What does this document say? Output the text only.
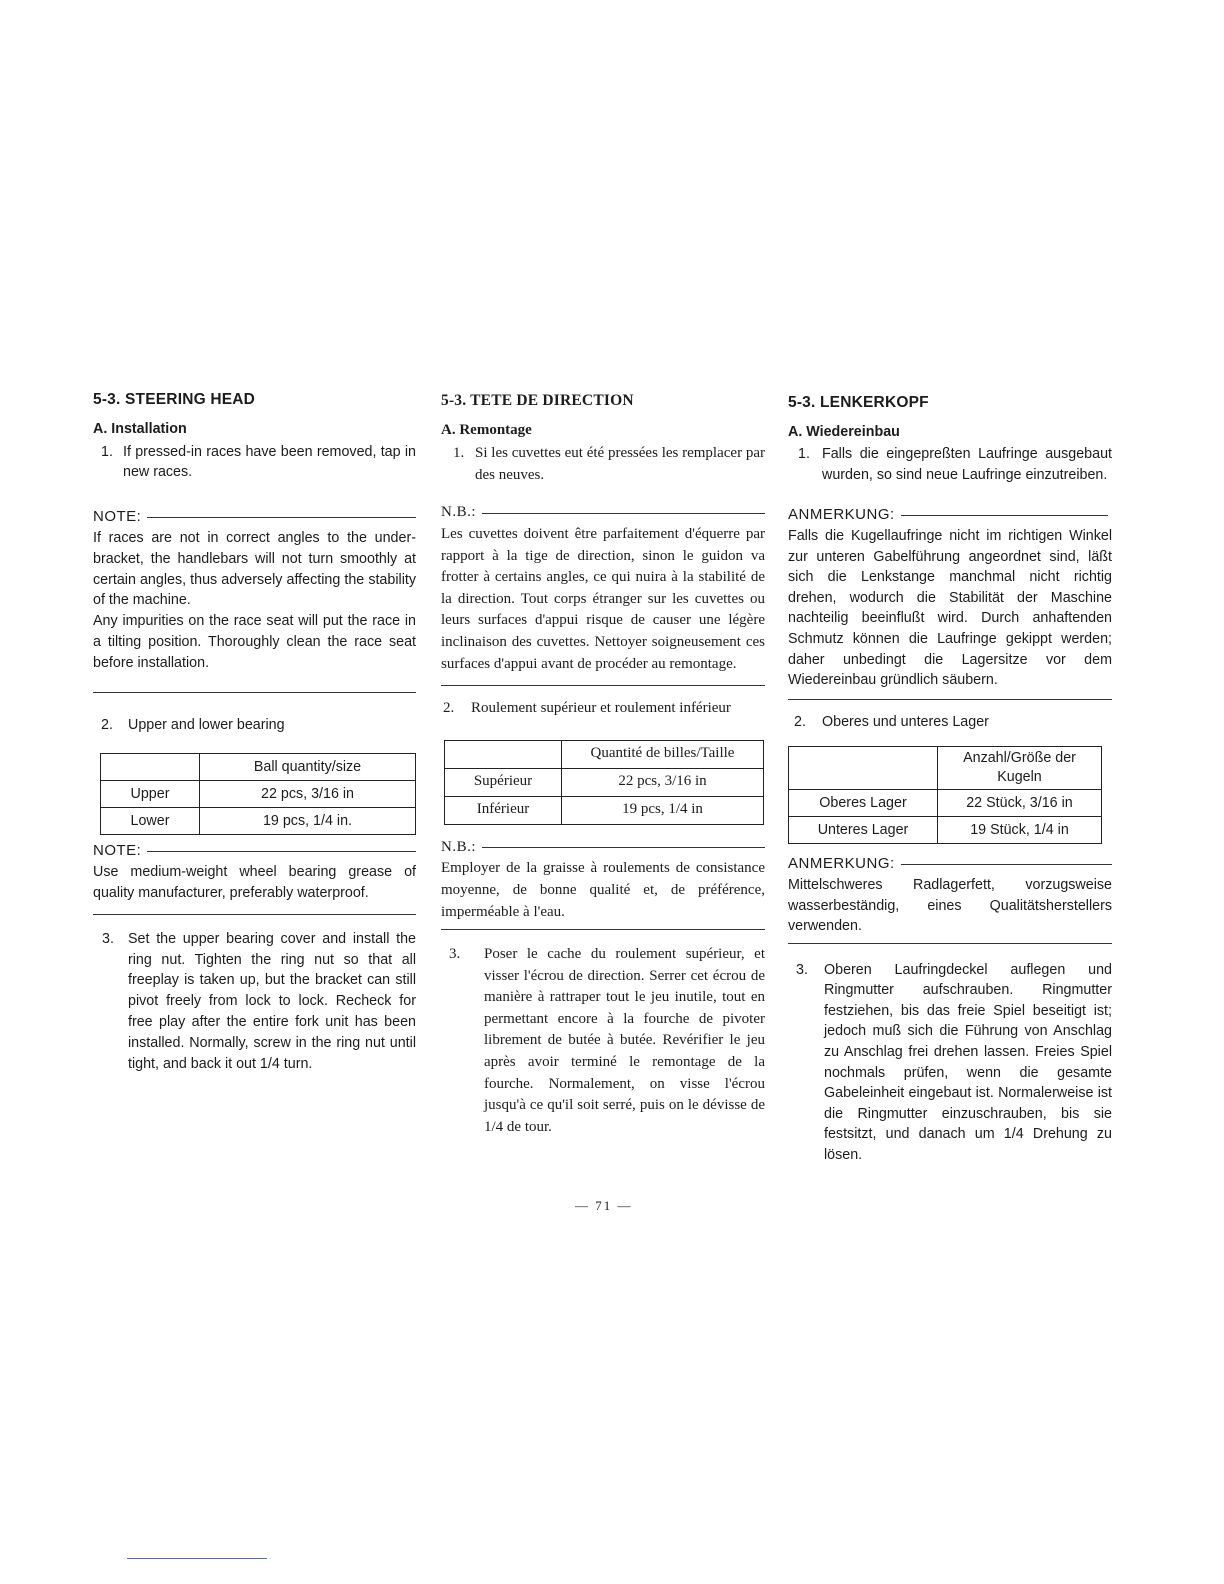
5-3. STEERING HEAD
A. Installation
1. If pressed-in races have been removed, tap in new races.
NOTE:

If races are not in correct angles to the under-bracket, the handlebars will not turn smoothly at certain angles, thus adversely affecting the stability of the machine.

Any impurities on the race seat will put the race in a tilting position. Thoroughly clean the race seat before installation.

2.	Upper and lower bearing
	Ball quantity/size
Upper	22 pcs, 3/16 in
Lower	19 pcs, 1/4 in.
NOTE:

Use medium-weight wheel bearing grease of quality manufacturer, preferably waterproof.

3. Set the upper bearing cover and install the ring nut. Tighten the ring nut so that all freeplay is taken up, but the bracket can still pivot freely from lock to lock. Recheck for free play after the entire fork unit has been installed. Normally, screw in the ring nut until tight, and back it out 1/4 turn.
5-3. TETE DE DIRECTION
A. Remontage
1. Si les cuvettes eut été pressées les remplacer par des neuves.
N.B.:

Les cuvettes doivent être parfaitement d'équerre par rapport à la tige de direction, sinon le guidon va frotter à certains angles, ce qui nuira à la stabilité de la direction. Tout corps étranger sur les cuvettes ou leurs surfaces d'appui risque de causer une légère inclinaison des cuvettes. Nettoyer soigneusement ces surfaces d'appui avant de procéder au remontage.

2.	Roulement supérieur et roulement inférieur
	Quantité de billes/Taille
Supérieur	22 pcs, 3/16 in
Inférieur	19 pcs, 1/4 in
N.B.:

Employer de la graisse à roulements de consistance moyenne, de bonne qualité et, de préférence, imperméable à l'eau.

3.	Poser le cache du roulement supérieur, et visser l'écrou de direction. Serrer cet écrou de manière à rattraper tout le jeu inutile, tout en permettant encore à la fourche de pivoter librement de butée à butée. Revérifier le jeu après avoir terminé le remontage de la fourche. Normalement, on visse l'écrou jusqu'à ce qu'il soit serré, puis on le dévisse de 1/4 de tour.
5-3. LENKERKOPF
A. Wiedereinbau
1. Falls die eingepreßten Laufringe ausgebaut wurden, so sind neue Laufringe einzutreiben.
ANMERKUNG:

Falls die Kugellaufringe nicht im richtigen Winkel zur unteren Gabelführung angeordnet sind, läßt sich die Lenkstange manchmal nicht richtig drehen, wodurch die Stabilität der Maschine nachteilig beeinflußt wird. Durch anhaftenden Schmutz können die Laufringe gekippt werden; daher unbedingt die Lagersitze vor dem Wiedereinbau gründlich säubern.

2.	Oberes und unteres Lager
	Anzahl/Größe der Kugeln
Oberes Lager	22 Stück, 3/16 in
Unteres Lager	19 Stück, 1/4 in
ANMERKUNG:

Mittelschweres Radlagerfett, vorzugsweise wasserbeständig, eines Qualitätsherstellers verwenden.

3.	Oberen Laufringdeckel auflegen und Ringmutter aufschrauben. Ringmutter festziehen, bis das freie Spiel beseitigt ist; jedoch muß sich die Führung von Anschlag zu Anschlag frei drehen lassen. Freies Spiel nochmals prüfen, wenn die gesamte Gabeleinheit eingebaut ist. Normalerweise ist die Ringmutter einzuschrauben, bis sie festsitzt, und danach um 1/4 Drehung zu lösen.
— 71 —
